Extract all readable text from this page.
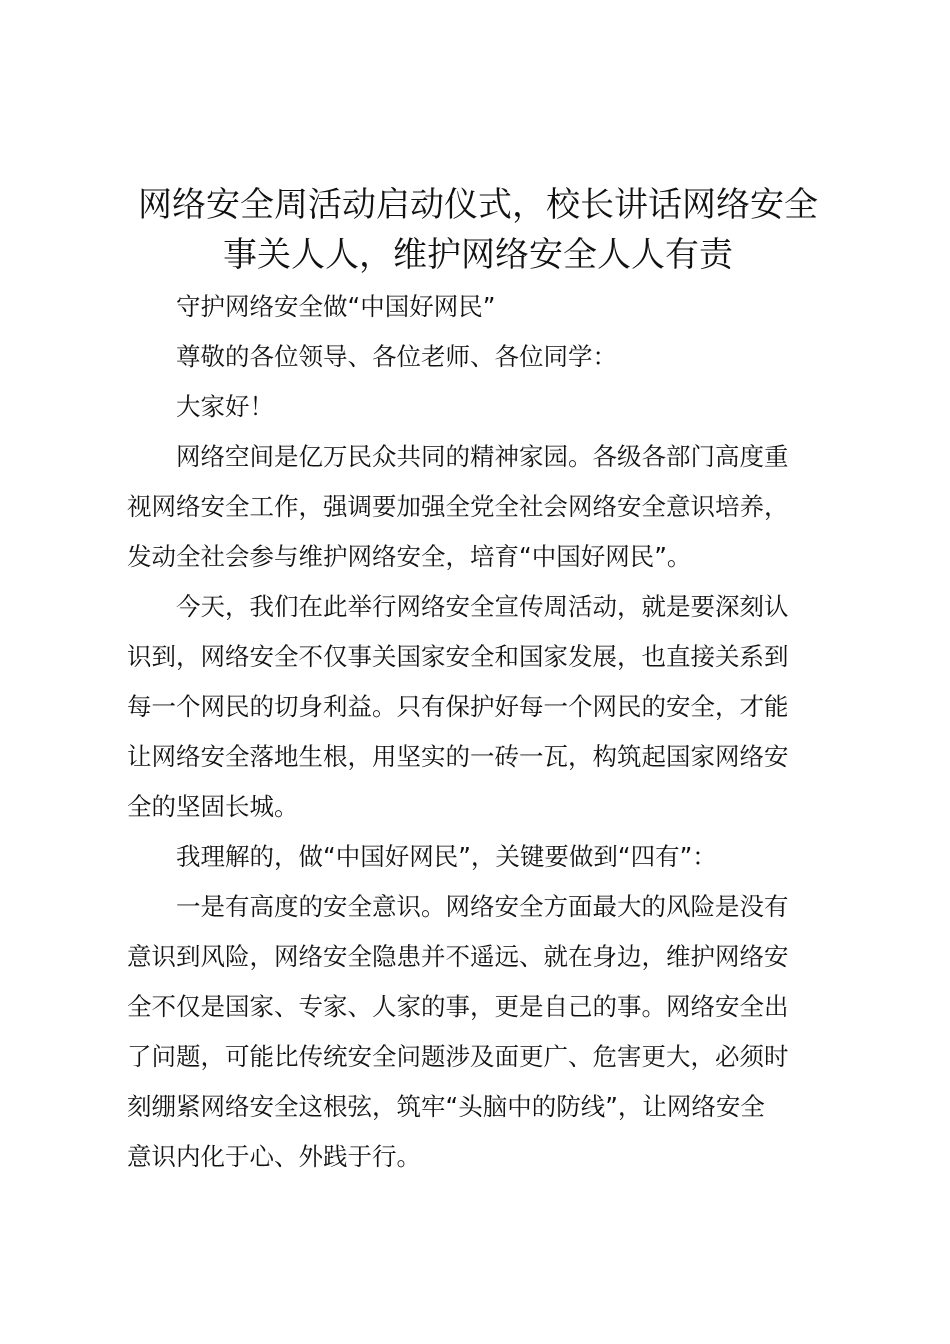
网络安全周活动启动仪式，校长讲话网络安全
事关人人，维护网络安全人人有责

守护网络安全做“中国好网民”

尊敬的各位领导、各位老师、各位同学：

大家好！

网络空间是亿万民众共同的精神家园。各级各部门高度重
视网络安全工作，强调要加强全党全社会网络安全意识培养，
发动全社会参与维护网络安全，培育“中国好网民”。

今天，我们在此举行网络安全宣传周活动，就是要深刻认
识到，网络安全不仅事关国家安全和国家发展，也直接关系到
每一个网民的切身利益。只有保护好每一个网民的安全，才能
让网络安全落地生根，用坚实的一砖一瓦，构筑起国家网络安
全的坚固长城。

我理解的，做“中国好网民”，关键要做到“四有”：

一是有高度的安全意识。网络安全方面最大的风险是没有
意识到风险，网络安全隐患并不遥远、就在身边，维护网络安
全不仅是国家、专家、人家的事，更是自己的事。网络安全出
了问题，可能比传统安全问题涉及面更广、危害更大，必须时
刻绷紧网络安全这根弦，筑牢“头脑中的防线”，让网络安全
意识内化于心、外践于行。
